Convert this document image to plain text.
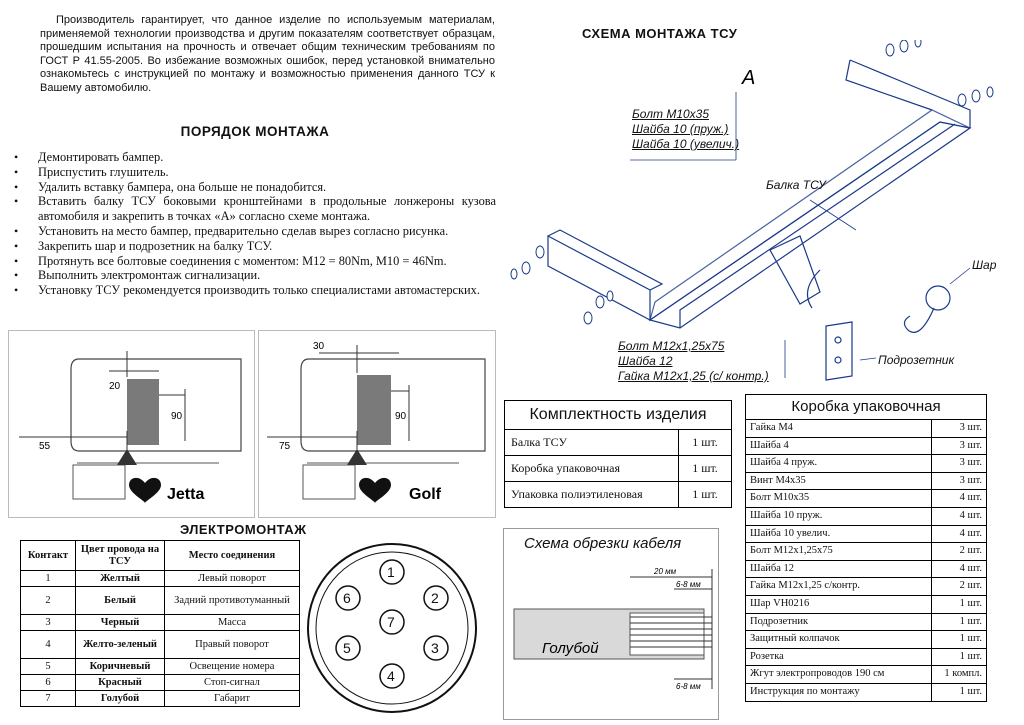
Производитель гарантирует, что данное изделие по используемым материалам, применяемой технологии производства и другим показателям соответствует образцам, прошедшим испытания на прочность и отвечает общим техническим требованиям по ГОСТ Р 41.55-2005. Во избежание возможных ошибок, перед установкой внимательно ознакомьтесь с инструкцией по монтажу и возможностью применения данного ТСУ к Вашему автомобилю.
ПОРЯДОК МОНТАЖА
• Демонтировать бампер.
• Приспустить глушитель.
• Удалить вставку бампера, она больше не понадобится.
• Вставить балку ТСУ боковыми кронштейнами в продольные лонжероны кузова автомобиля и закрепить в точках «А» согласно схеме монтажа.
• Установить на место бампер, предварительно сделав вырез согласно рисунка.
• Закрепить шар и подрозетник на балку ТСУ.
• Протянуть все болтовые соединения с моментом: М12 = 80Nm, М10 = 46Nm.
• Выполнить электромонтаж сигнализации.
• Установку ТСУ рекомендуется производить только специалистами автомастерских.
20
90
55
Jetta
30
90
75
Golf
СХЕМА МОНТАЖА ТСУ
А
Болт М10х35
Шайба 10 (пруж.)
Шайба 10 (увелич.)
Балка ТСУ
Шар
Болт М12х1,25х75
Шайба 12
Гайка М12х1,25 (с/ контр.)
Подрозетник
Комплектность изделия	
Балка ТСУ	1 шт.
Коробка упаковочная	1 шт.
Упаковка полиэтиленовая	1 шт.
Коробка упаковочная	
Гайка М4	3 шт.
Шайба 4	3 шт.
Шайба 4 пруж.	3 шт.
Винт М4х35	3 шт.
Болт М10х35	4 шт.
Шайба 10 пруж.	4 шт.
Шайба 10 увелич.	4 шт.
Болт М12х1,25х75	2 шт.
Шайба 12	4 шт.
Гайка М12х1,25 с/контр.	2 шт.
Шар VH0216	1 шт.
Подрозетник	1 шт.
Защитный колпачок	1 шт.
Розетка	1 шт.
Жгут электропроводов 190 см	1 компл.
Инструкция по монтажу	1 шт.
Схема обрезки кабеля
20 мм
6-8 мм
6-8 мм
Голубой
ЭЛЕКТРОМОНТАЖ
Контакт	Цвет провода на ТСУ	Место соединения
1	Желтый	Левый поворот
2	Белый	Задний противотуманный
3	Черный	Масса
4	Желто-зеленый	Правый поворот
5	Коричневый	Освещение номера
6	Красный	Стоп-сигнал
7	Голубой	Габарит
1
2
3
4
5
6
7
